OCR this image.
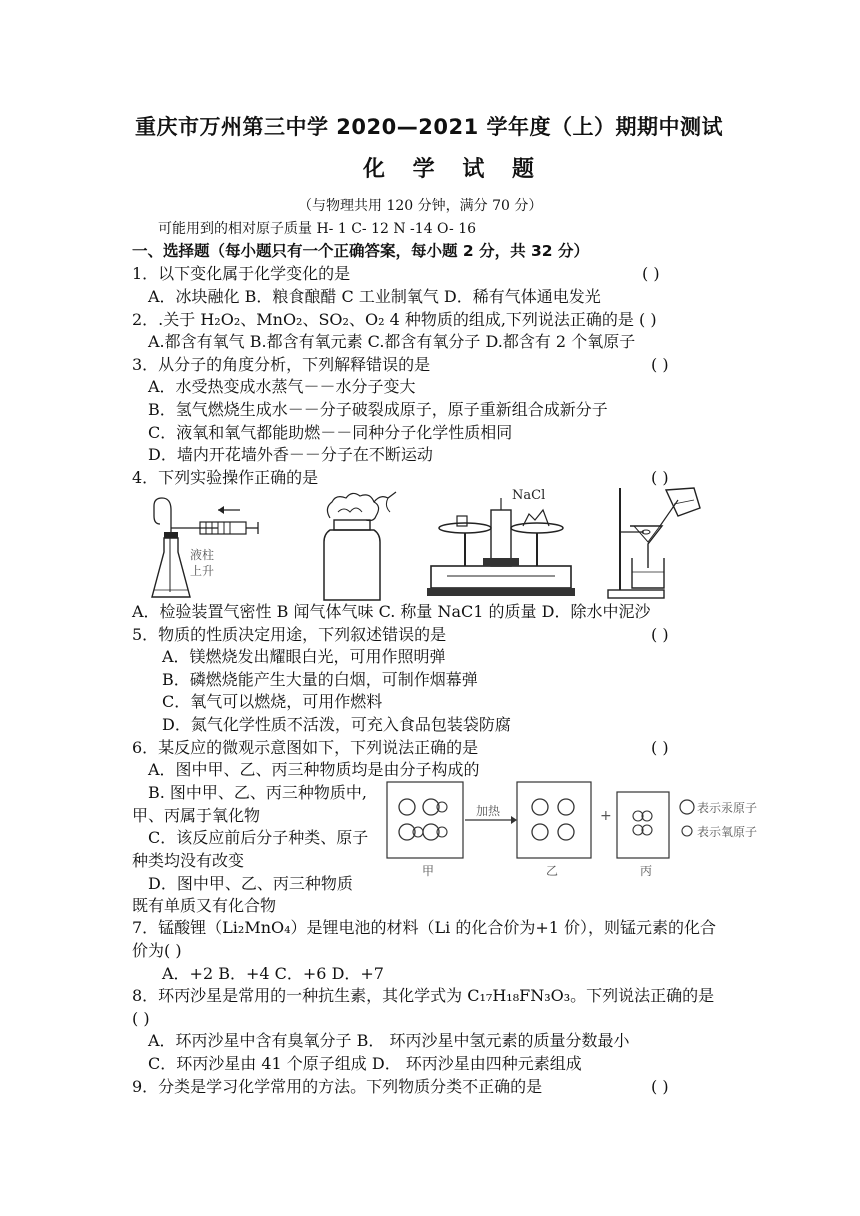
重庆市万州第三中学 2020—2021 学年度（上）期期中测试
化 学 试 题
（与物理共用 120 分钟，满分 70 分）
可能用到的相对原子质量 H- 1 C- 12 N -14 O- 16
一、选择题（每小题只有一个正确答案，每小题 2 分，共 32 分）
1．以下变化属于化学变化的是	( )
A．冰块融化 B．粮食酿醋 C 工业制氧气 D．稀有气体通电发光
2．.关于 H₂O₂、MnO₂、SO₂、O₂ 4 种物质的组成,下列说法正确的是 ( )
A.都含有氧气 B.都含有氧元素 C.都含有氧分子 D.都含有 2 个氧原子
3．从分子的角度分析，下列解释错误的是	( )
A．水受热变成水蒸气－－水分子变大
B．氢气燃烧生成水－－分子破裂成原子，原子重新组合成新分子
C．液氧和氧气都能助燃－－同种分子化学性质相同
D．墙内开花墙外香－－分子在不断运动
4．下列实验操作正确的是	( )
液柱
上升
NaCl
A．检验装置气密性 B 闻气体气味 C. 称量 NaC1 的质量 D．除水中泥沙
5．物质的性质决定用途，下列叙述错误的是	( )
A．镁燃烧发出耀眼白光，可用作照明弹
B．磷燃烧能产生大量的白烟，可制作烟幕弹
C．氧气可以燃烧，可用作燃料
D．氮气化学性质不活泼，可充入食品包装袋防腐
6．某反应的微观示意图如下，下列说法正确的是	( )
A．图中甲、乙、丙三种物质均是由分子构成的
B. 图中甲、乙、丙三种物质中,
甲、丙属于氧化物
C．该反应前后分子种类、原子
种类均没有改变
D．图中甲、乙、丙三种物质
既有单质又有化合物
加热	+	表示汞原子
表示氧原子
甲	乙	丙
7．锰酸锂（Li₂MnO₄）是锂电池的材料（Li 的化合价为+1 价），则锰元素的化合
价为( )
A．+2 B．+4 C．+6 D．+7
8．环丙沙星是常用的一种抗生素，其化学式为 C₁₇H₁₈FN₃O₃。下列说法正确的是
( )
A．环丙沙星中含有臭氧分子 B． 环丙沙星中氢元素的质量分数最小
C．环丙沙星由 41 个原子组成 D． 环丙沙星由四种元素组成
9．分类是学习化学常用的方法。下列物质分类不正确的是	( )
